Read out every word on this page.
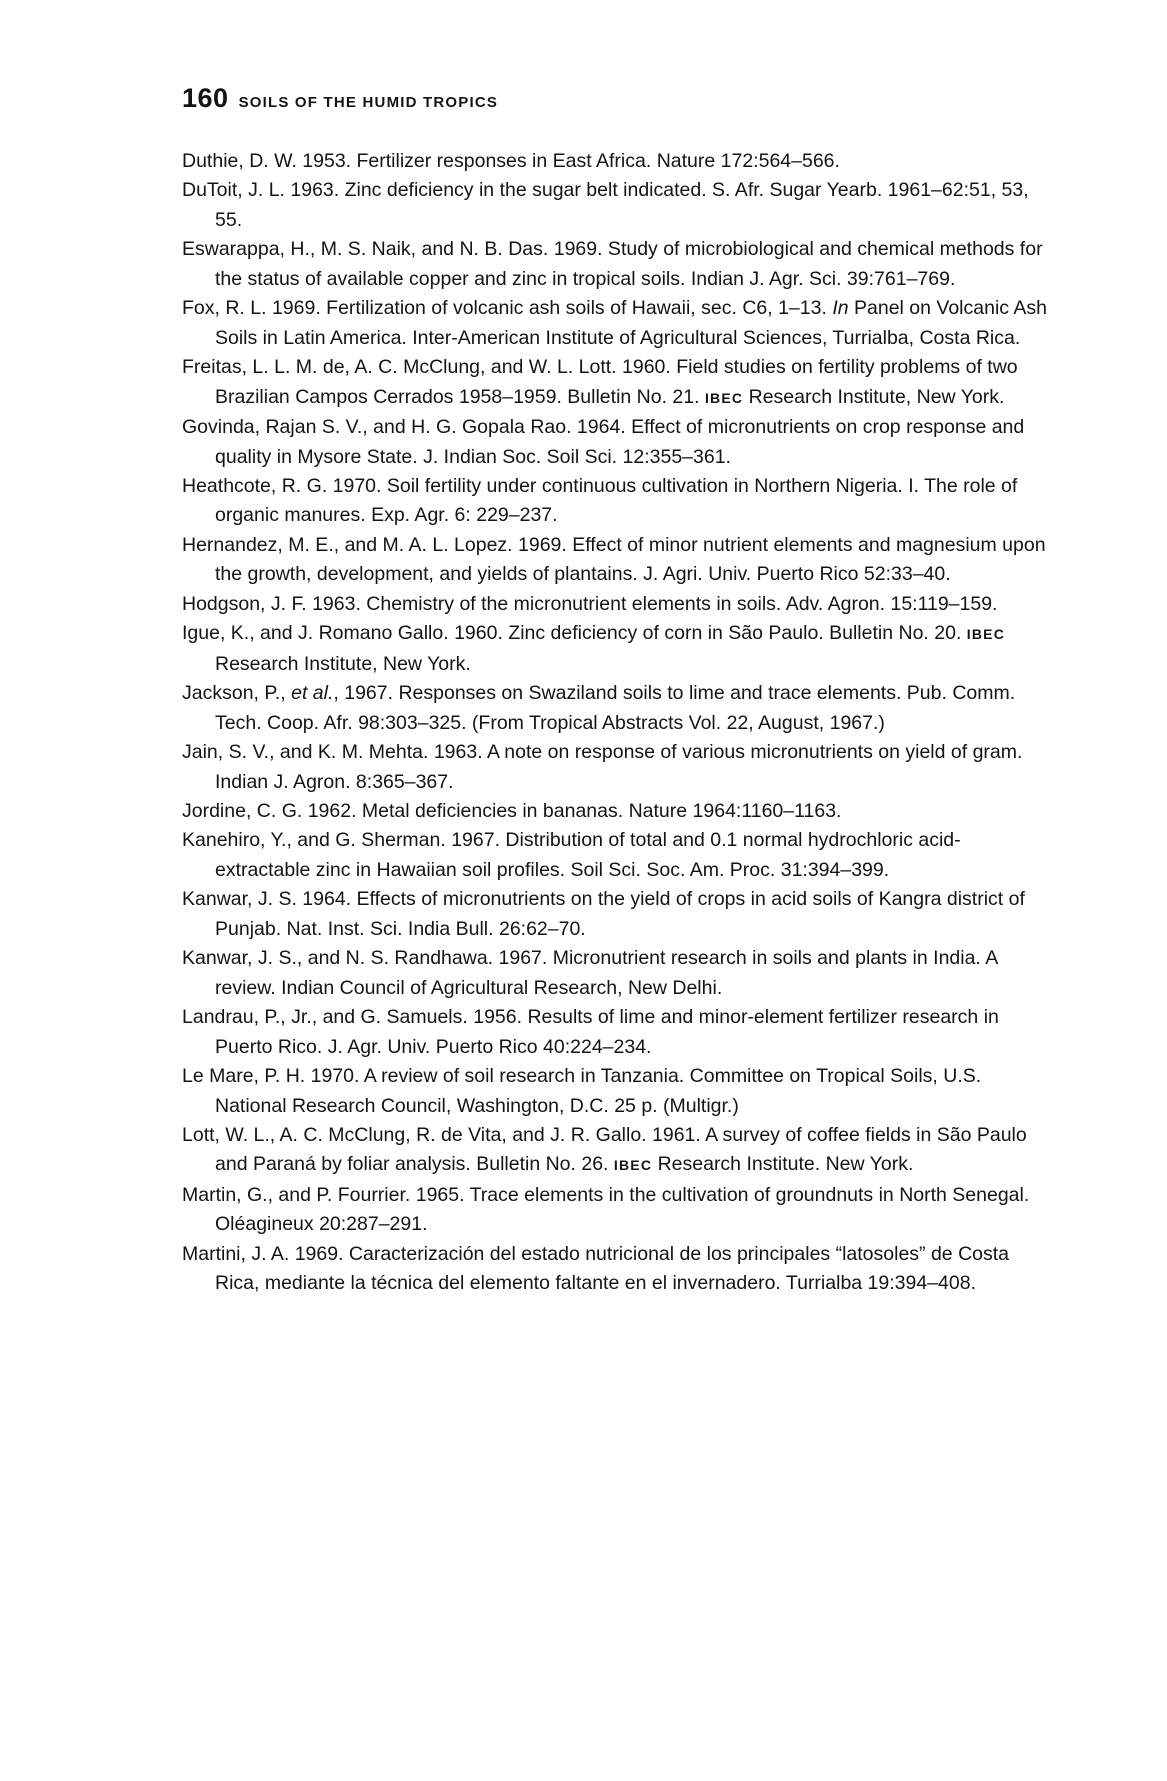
160 SOILS OF THE HUMID TROPICS
Duthie, D. W. 1953. Fertilizer responses in East Africa. Nature 172:564–566.
DuToit, J. L. 1963. Zinc deficiency in the sugar belt indicated. S. Afr. Sugar Yearb. 1961–62:51, 53, 55.
Eswarappa, H., M. S. Naik, and N. B. Das. 1969. Study of microbiological and chemical methods for the status of available copper and zinc in tropical soils. Indian J. Agr. Sci. 39:761–769.
Fox, R. L. 1969. Fertilization of volcanic ash soils of Hawaii, sec. C6, 1–13. In Panel on Volcanic Ash Soils in Latin America. Inter-American Institute of Agricultural Sciences, Turrialba, Costa Rica.
Freitas, L. L. M. de, A. C. McClung, and W. L. Lott. 1960. Field studies on fertility problems of two Brazilian Campos Cerrados 1958–1959. Bulletin No. 21. IBEC Research Institute, New York.
Govinda, Rajan S. V., and H. G. Gopala Rao. 1964. Effect of micronutrients on crop response and quality in Mysore State. J. Indian Soc. Soil Sci. 12:355–361.
Heathcote, R. G. 1970. Soil fertility under continuous cultivation in Northern Nigeria. I. The role of organic manures. Exp. Agr. 6: 229–237.
Hernandez, M. E., and M. A. L. Lopez. 1969. Effect of minor nutrient elements and magnesium upon the growth, development, and yields of plantains. J. Agri. Univ. Puerto Rico 52:33–40.
Hodgson, J. F. 1963. Chemistry of the micronutrient elements in soils. Adv. Agron. 15:119–159.
Igue, K., and J. Romano Gallo. 1960. Zinc deficiency of corn in São Paulo. Bulletin No. 20. IBEC Research Institute, New York.
Jackson, P., et al., 1967. Responses on Swaziland soils to lime and trace elements. Pub. Comm. Tech. Coop. Afr. 98:303–325. (From Tropical Abstracts Vol. 22, August, 1967.)
Jain, S. V., and K. M. Mehta. 1963. A note on response of various micronutrients on yield of gram. Indian J. Agron. 8:365–367.
Jordine, C. G. 1962. Metal deficiencies in bananas. Nature 1964:1160–1163.
Kanehiro, Y., and G. Sherman. 1967. Distribution of total and 0.1 normal hydrochloric acid-extractable zinc in Hawaiian soil profiles. Soil Sci. Soc. Am. Proc. 31:394–399.
Kanwar, J. S. 1964. Effects of micronutrients on the yield of crops in acid soils of Kangra district of Punjab. Nat. Inst. Sci. India Bull. 26:62–70.
Kanwar, J. S., and N. S. Randhawa. 1967. Micronutrient research in soils and plants in India. A review. Indian Council of Agricultural Research, New Delhi.
Landrau, P., Jr., and G. Samuels. 1956. Results of lime and minor-element fertilizer research in Puerto Rico. J. Agr. Univ. Puerto Rico 40:224–234.
Le Mare, P. H. 1970. A review of soil research in Tanzania. Committee on Tropical Soils, U.S. National Research Council, Washington, D.C. 25 p. (Multigr.)
Lott, W. L., A. C. McClung, R. de Vita, and J. R. Gallo. 1961. A survey of coffee fields in São Paulo and Paraná by foliar analysis. Bulletin No. 26. IBEC Research Institute. New York.
Martin, G., and P. Fourrier. 1965. Trace elements in the cultivation of groundnuts in North Senegal. Oléagineux 20:287–291.
Martini, J. A. 1969. Caracterización del estado nutricional de los principales “latosoles” de Costa Rica, mediante la técnica del elemento faltante en el invernadero. Turrialba 19:394–408.
